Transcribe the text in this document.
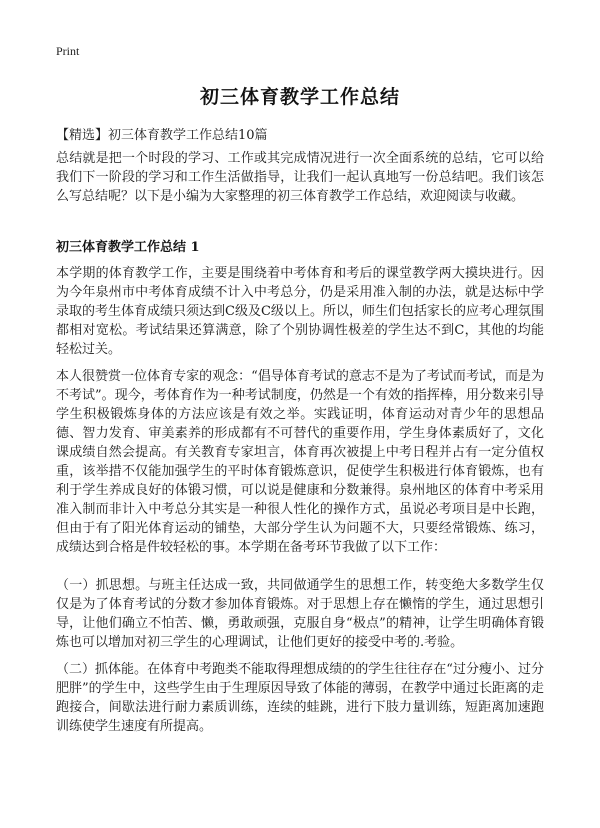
Print
初三体育教学工作总结
【精选】初三体育教学工作总结10篇
总结就是把一个时段的学习、工作或其完成情况进行一次全面系统的总结，它可以给我们下一阶段的学习和工作生活做指导，让我们一起认真地写一份总结吧。我们该怎么写总结呢？以下是小编为大家整理的初三体育教学工作总结，欢迎阅读与收藏。
初三体育教学工作总结 1
本学期的体育教学工作，主要是围绕着中考体育和考后的课堂教学两大摸块进行。因为今年泉州市中考体育成绩不计入中考总分，仍是采用准入制的办法，就是达标中学录取的考生体育成绩只须达到C级及C级以上。所以，师生们包括家长的应考心理氛围都相对宽松。考试结果还算满意，除了个别协调性极差的学生达不到C，其他的均能轻松过关。
本人很赞赏一位体育专家的观念：“倡导体育考试的意志不是为了考试而考试，而是为不考试”。现今，考体育作为一种考试制度，仍然是一个有效的指挥棒，用分数来引导学生积极锻炼身体的方法应该是有效之举。实践证明，体育运动对青少年的思想品德、智力发育、审美素养的形成都有不可替代的重要作用，学生身体素质好了，文化课成绩自然会提高。有关教育专家坦言，体育再次被提上中考日程并占有一定分值权重，该举措不仅能加强学生的平时体育锻炼意识，促使学生积极进行体育锻炼，也有利于学生养成良好的体锻习惯，可以说是健康和分数兼得。泉州地区的体育中考采用准入制而非计入中考总分其实是一种很人性化的操作方式，虽说必考项目是中长跑，但由于有了阳光体育运动的铺垫，大部分学生认为问题不大，只要经常锻炼、练习，成绩达到合格是件较轻松的事。本学期在备考环节我做了以下工作：
（一）抓思想。与班主任达成一致，共同做通学生的思想工作，转变绝大多数学生仅仅是为了体育考试的分数才参加体育锻炼。对于思想上存在懒惰的学生，通过思想引导，让他们确立不怕苦、懒，勇敢顽强，克服自身“极点”的精神，让学生明确体育锻炼也可以增加对初三学生的心理调试，让他们更好的接受中考的.考验。
（二）抓体能。在体育中考跑类不能取得理想成绩的的学生往往存在“过分瘦小、过分肥胖”的学生中，这些学生由于生理原因导致了体能的薄弱，在教学中通过长距离的走跑接合，间歇法进行耐力素质训练，连续的蛙跳，进行下肢力量训练，短距离加速跑训练使学生速度有所提高。
